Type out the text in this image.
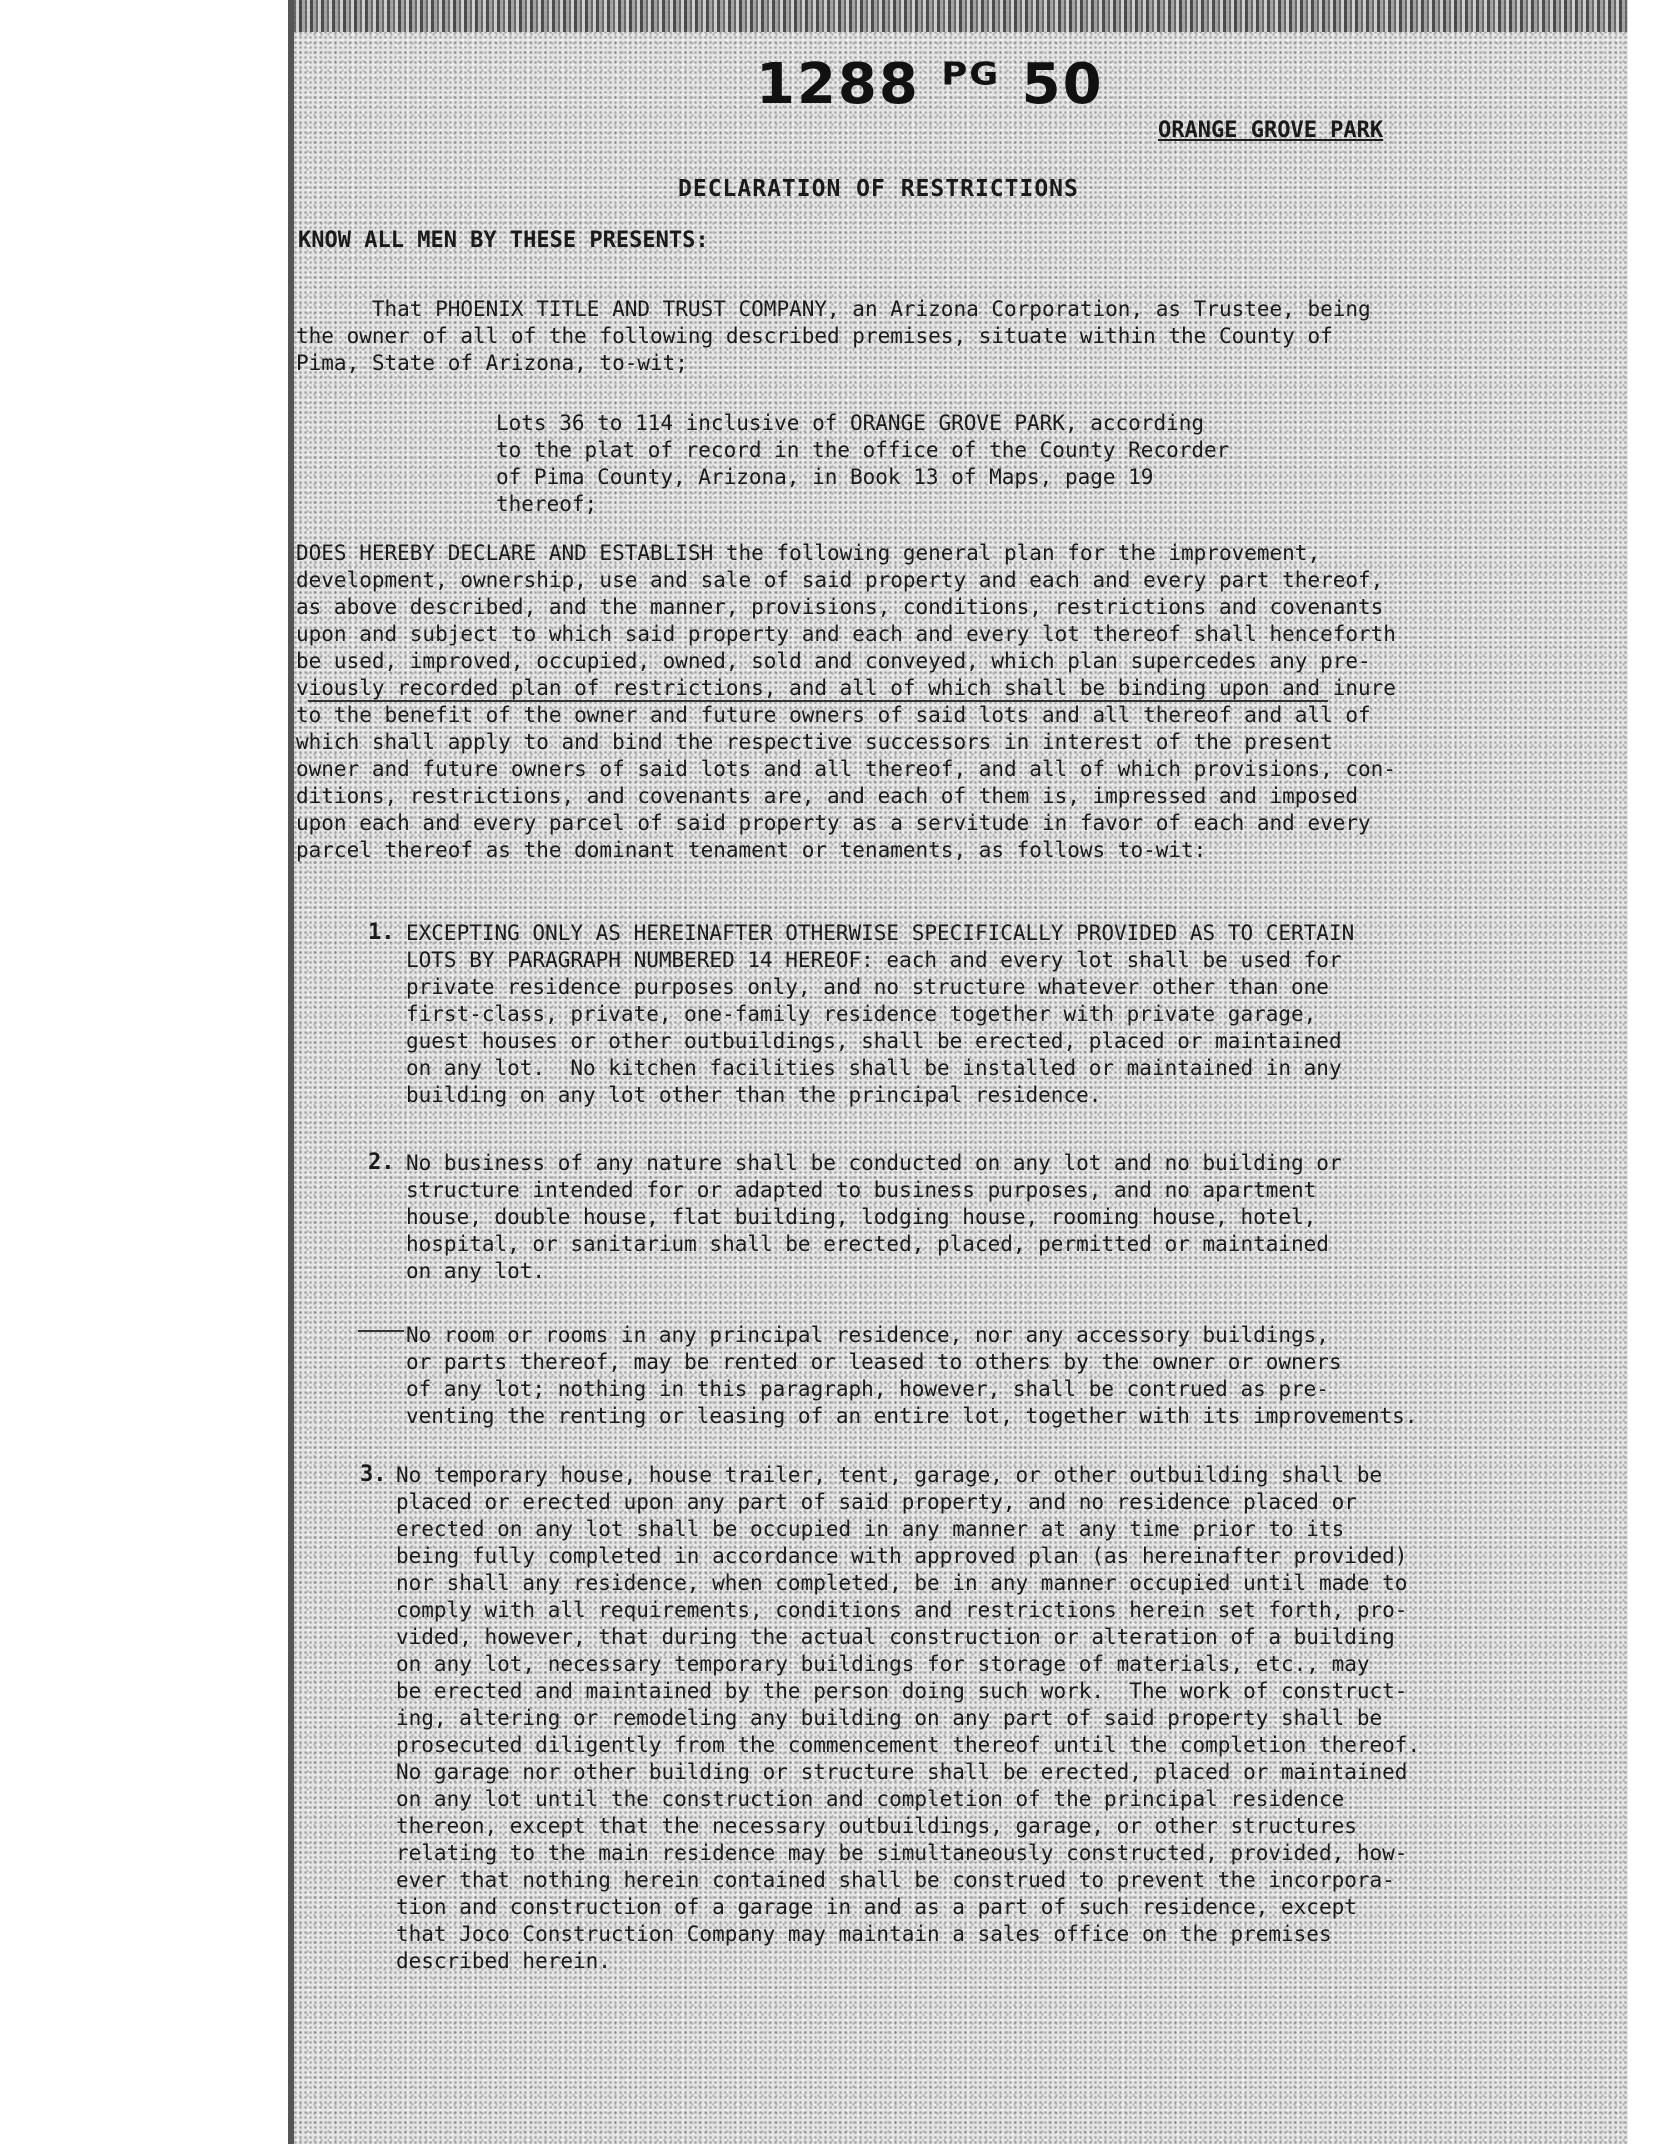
1288 ᴾᴳ 50
ORANGE GROVE PARK
DECLARATION OF RESTRICTIONS
KNOW ALL MEN BY THESE PRESENTS:
That PHOENIX TITLE AND TRUST COMPANY, an Arizona Corporation, as Trustee, being
the owner of all of the following described premises, situate within the County of
Pima, State of Arizona, to-wit;
Lots 36 to 114 inclusive of ORANGE GROVE PARK, according
to the plat of record in the office of the County Recorder
of Pima County, Arizona, in Book 13 of Maps, page 19
thereof;
DOES HEREBY DECLARE AND ESTABLISH the following general plan for the improvement,
development, ownership, use and sale of said property and each and every part thereof,
as above described, and the manner, provisions, conditions, restrictions and covenants
upon and subject to which said property and each and every lot thereof shall henceforth
be used, improved, occupied, owned, sold and conveyed, which plan supercedes any pre-
viously recorded plan of restrictions, and all of which shall be binding upon and inure
to the benefit of the owner and future owners of said lots and all thereof and all of
which shall apply to and bind the respective successors in interest of the present
owner and future owners of said lots and all thereof, and all of which provisions, con-
ditions, restrictions, and covenants are, and each of them is, impressed and imposed
upon each and every parcel of said property as a servitude in favor of each and every
parcel thereof as the dominant tenament or tenaments, as follows to-wit:
1. EXCEPTING ONLY AS HEREINAFTER OTHERWISE SPECIFICALLY PROVIDED AS TO CERTAIN
LOTS BY PARAGRAPH NUMBERED 14 HEREOF: each and every lot shall be used for
private residence purposes only, and no structure whatever other than one
first-class, private, one-family residence together with private garage,
guest houses or other outbuildings, shall be erected, placed or maintained
on any lot.  No kitchen facilities shall be installed or maintained in any
building on any lot other than the principal residence.
2. No business of any nature shall be conducted on any lot and no building or
structure intended for or adapted to business purposes, and no apartment
house, double house, flat building, lodging house, rooming house, hotel,
hospital, or sanitarium shall be erected, placed, permitted or maintained
on any lot.
No room or rooms in any principal residence, nor any accessory buildings,
or parts thereof, may be rented or leased to others by the owner or owners
of any lot; nothing in this paragraph, however, shall be contrued as pre-
venting the renting or leasing of an entire lot, together with its improvements.
3. No temporary house, house trailer, tent, garage, or other outbuilding shall be
placed or erected upon any part of said property, and no residence placed or
erected on any lot shall be occupied in any manner at any time prior to its
being fully completed in accordance with approved plan (as hereinafter provided)
nor shall any residence, when completed, be in any manner occupied until made to
comply with all requirements, conditions and restrictions herein set forth, pro-
vided, however, that during the actual construction or alteration of a building
on any lot, necessary temporary buildings for storage of materials, etc., may
be erected and maintained by the person doing such work.  The work of construct-
ing, altering or remodeling any building on any part of said property shall be
prosecuted diligently from the commencement thereof until the completion thereof.
No garage nor other building or structure shall be erected, placed or maintained
on any lot until the construction and completion of the principal residence
thereon, except that the necessary outbuildings, garage, or other structures
relating to the main residence may be simultaneously constructed, provided, how-
ever that nothing herein contained shall be construed to prevent the incorpora-
tion and construction of a garage in and as a part of such residence, except
that Joco Construction Company may maintain a sales office on the premises
described herein.
